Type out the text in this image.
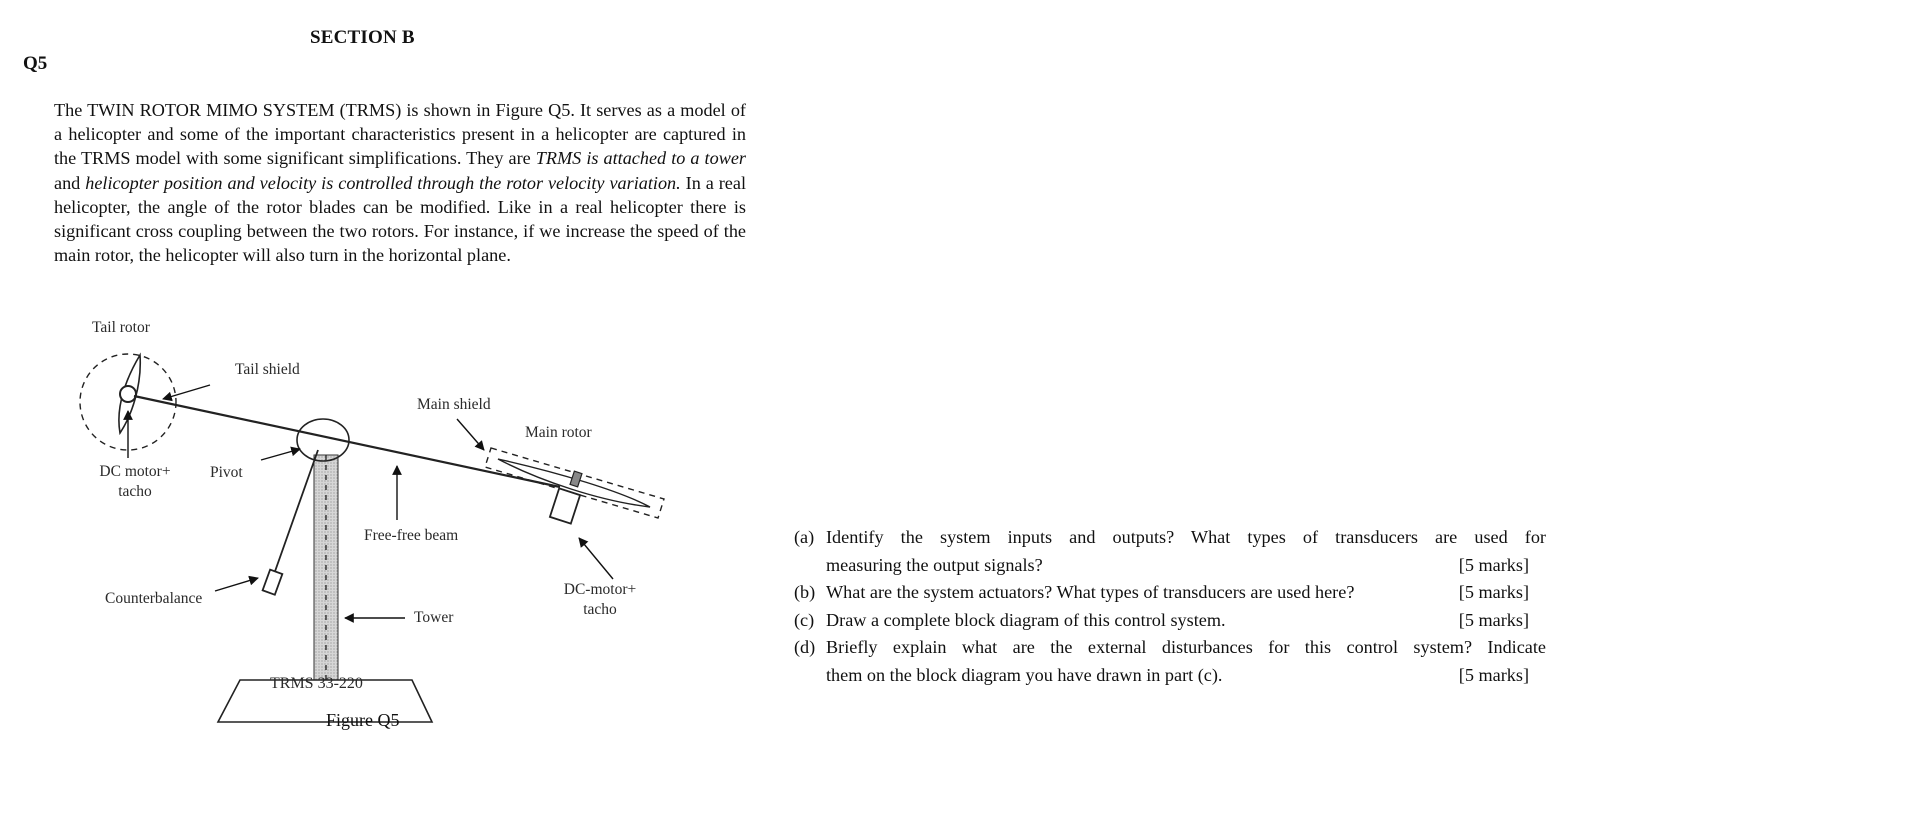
SECTION B
Q5
The TWIN ROTOR MIMO SYSTEM (TRMS) is shown in Figure Q5. It serves as a model of a helicopter and some of the important characteristics present in a helicopter are captured in the TRMS model with some significant simplifications. They are TRMS is attached to a tower and helicopter position and velocity is controlled through the rotor velocity variation. In a real helicopter, the angle of the rotor blades can be modified. Like in a real helicopter there is significant cross coupling between the two rotors. For instance, if we increase the speed of the main rotor, the helicopter will also turn in the horizontal plane.
Tail rotor
Tail shield
Main shield
Main rotor
DC motor+
tacho
Pivot
Free-free beam
DC-motor+
tacho
Counterbalance
Tower
TRMS 33-220
Figure Q5
(a) Identify the system inputs and outputs? What types of transducers are used for
measuring the output signals?	[5 marks]
(b) What are the system actuators? What types of transducers are used here?	[5 marks]
(c) Draw a complete block diagram of this control system.	[5 marks]
(d) Briefly explain what are the external disturbances for this control system? Indicate
them on the block diagram you have drawn in part (c).	[5 marks]
